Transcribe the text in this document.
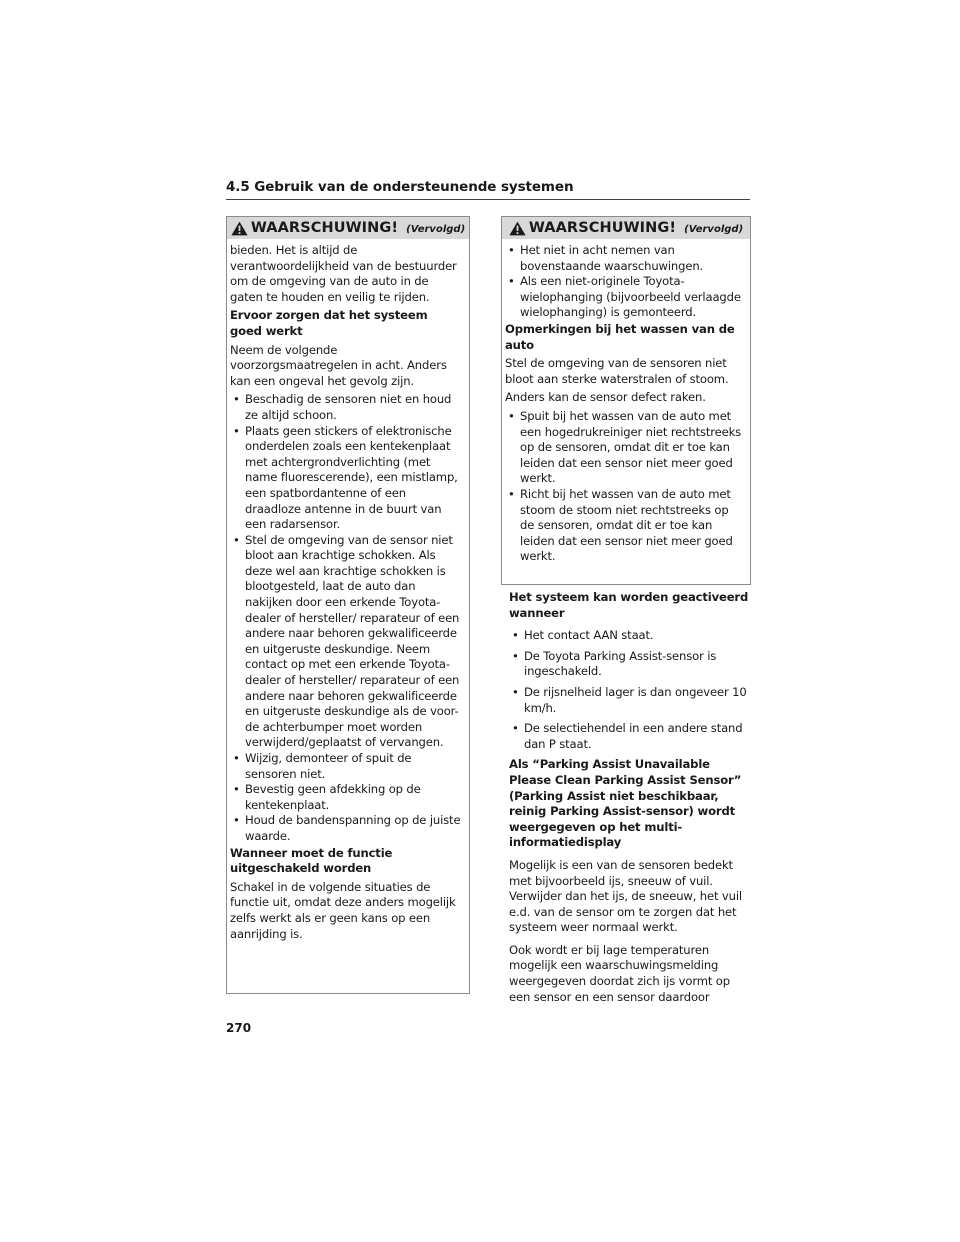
4.5 Gebruik van de ondersteunende systemen
WAARSCHUWING! (Vervolgd)
bieden. Het is altijd de verantwoordelijkheid van de bestuurder om de omgeving van de auto in de gaten te houden en veilig te rijden.
Ervoor zorgen dat het systeem goed werkt
Neem de volgende voorzorgsmaatregelen in acht. Anders kan een ongeval het gevolg zijn.
• Beschadig de sensoren niet en houd ze altijd schoon.
• Plaats geen stickers of elektronische onderdelen zoals een kentekenplaat met achtergrondverlichting (met name fluorescerende), een mistlamp, een spatbordantenne of een draadloze antenne in de buurt van een radarsensor.
• Stel de omgeving van de sensor niet bloot aan krachtige schokken. Als deze wel aan krachtige schokken is blootgesteld, laat de auto dan nakijken door een erkende Toyota-dealer of hersteller/ reparateur of een andere naar behoren gekwalificeerde en uitgeruste deskundige. Neem contact op met een erkende Toyota-dealer of hersteller/ reparateur of een andere naar behoren gekwalificeerde en uitgeruste deskundige als de voor- de achterbumper moet worden verwijderd/geplaatst of vervangen.
• Wijzig, demonteer of spuit de sensoren niet.
• Bevestig geen afdekking op de kentekenplaat.
• Houd de bandenspanning op de juiste waarde.
Wanneer moet de functie uitgeschakeld worden
Schakel in de volgende situaties de functie uit, omdat deze anders mogelijk zelfs werkt als er geen kans op een aanrijding is.
WAARSCHUWING! (Vervolgd)
• Het niet in acht nemen van bovenstaande waarschuwingen.
• Als een niet-originele Toyota-wielophanging (bijvoorbeeld verlaagde wielophanging) is gemonteerd.
Opmerkingen bij het wassen van de auto
Stel de omgeving van de sensoren niet bloot aan sterke waterstralen of stoom.
Anders kan de sensor defect raken.
• Spuit bij het wassen van de auto met een hogedrukreiniger niet rechtstreeks op de sensoren, omdat dit er toe kan leiden dat een sensor niet meer goed werkt.
• Richt bij het wassen van de auto met stoom de stoom niet rechtstreeks op de sensoren, omdat dit er toe kan leiden dat een sensor niet meer goed werkt.
Het systeem kan worden geactiveerd wanneer
• Het contact AAN staat.
• De Toyota Parking Assist-sensor is ingeschakeld.
• De rijsnelheid lager is dan ongeveer 10 km/h.
• De selectiehendel in een andere stand dan P staat.
Als “Parking Assist Unavailable Please Clean Parking Assist Sensor” (Parking Assist niet beschikbaar, reinig Parking Assist-sensor) wordt weergegeven op het multi-informatiedisplay
Mogelijk is een van de sensoren bedekt met bijvoorbeeld ijs, sneeuw of vuil. Verwijder dan het ijs, de sneeuw, het vuil e.d. van de sensor om te zorgen dat het systeem weer normaal werkt.
Ook wordt er bij lage temperaturen mogelijk een waarschuwingsmelding weergegeven doordat zich ijs vormt op een sensor en een sensor daardoor
270
